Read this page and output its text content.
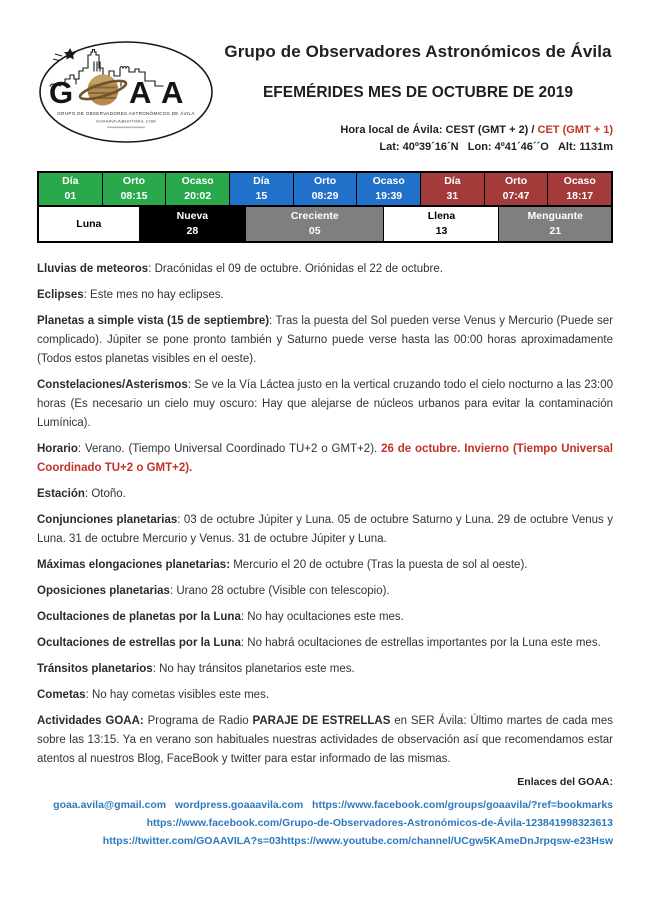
G A A
GRUPO DE OBSERVADORES ASTRONÓMICOS DE ÁVILA
GOAAAVILA@HOTMAIL.COM
Grupo de Observadores Astronómicos de Ávila
EFEMÉRIDES MES DE OCTUBRE DE 2019
Hora local de Ávila: CEST (GMT + 2) / CET (GMT + 1)
Lat: 40º39´16´N   Lon: 4º41´46´´O   Alt: 1131m
Día
01
Orto
08:15
Ocaso
20:02
Día
15
Orto
08:29
Ocaso
19:39
Día
31
Orto
07:47
Ocaso
18:17
Luna
Nueva
28
Creciente
05
Llena
13
Menguante
21

Lluvias de meteoros: Dracónidas el 09 de octubre. Oriónidas el 22 de octubre.

Eclipses: Este mes no hay eclipses.

Planetas a simple vista (15 de septiembre): Tras la puesta del Sol pueden verse Venus y Mercurio (Puede ser complicado). Júpiter se pone pronto también y Saturno puede verse hasta las 00:00 horas aproximadamente (Todos estos planetas visibles en el oeste).

Constelaciones/Asterismos: Se ve la Vía Láctea justo en la vertical cruzando todo el cielo nocturno a las 23:00 horas (Es necesario un cielo muy oscuro: Hay que alejarse de núcleos urbanos para evitar la contaminación Lumínica).

Horario: Verano. (Tiempo Universal Coordinado TU+2 o GMT+2). 26 de octubre. Invierno (Tiempo Universal Coordinado TU+2 o GMT+2).

Estación: Otoño.

Conjunciones planetarias: 03 de octubre Júpiter y Luna. 05 de octubre Saturno y Luna. 29 de octubre Venus y Luna. 31 de octubre Mercurio y Venus. 31 de octubre Júpiter y Luna.

Máximas elongaciones planetarias: Mercurio el 20 de octubre (Tras la puesta de sol al oeste).

Oposiciones planetarias: Urano 28 octubre (Visible con telescopio).

Ocultaciones de planetas por la Luna: No hay ocultaciones este mes.

Ocultaciones de estrellas por la Luna: No habrá ocultaciones de estrellas importantes por la Luna este mes.

Tránsitos planetarios: No hay tránsitos planetarios este mes.

Cometas: No hay cometas visibles este mes.

Actividades GOAA: Programa de Radio PARAJE DE ESTRELLAS en SER Ávila: Último martes de cada mes sobre las 13:15. Ya en verano son habituales nuestras actividades de observación así que recomendamos estar atentos al nuestros Blog, FaceBook y twitter para estar informado de las mismas.

Enlaces del GOAA:
goaa.avila@gmail.com wordpress.goaaavila.com https://www.facebook.com/groups/goaavila/?ref=bookmarks
https://www.facebook.com/Grupo-de-Observadores-Astronómicos-de-Ávila-123841998323613
https://twitter.com/GOAAVILA?s=03https://www.youtube.com/channel/UCgw5KAmeDnJrpqsw-e23Hsw
